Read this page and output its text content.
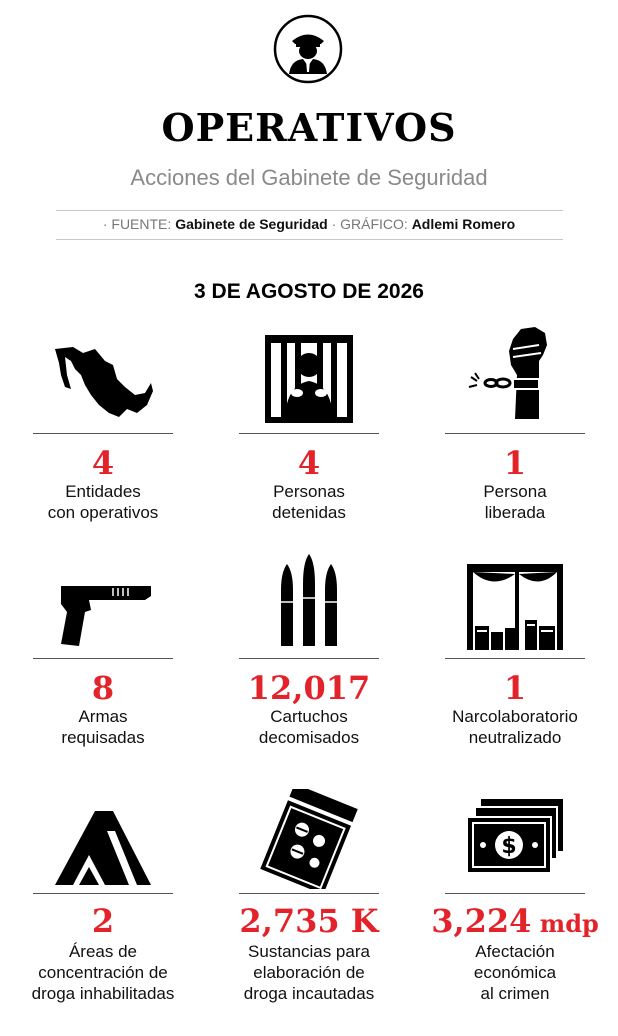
OPERATIVOS
Acciones del Gabinete de Seguridad
· FUENTE: Gabinete de Seguridad · GRÁFICO: Adlemi Romero
3 DE AGOSTO DE 2026
4
Entidades
con operativos
4
Personas
detenidas
1
Persona
liberada
8
Armas
requisadas
12,017
Cartuchos
decomisados
1
Narcolaboratorio
neutralizado
2
Áreas de
concentración de
droga inhabilitadas
2,735 K
Sustancias para
elaboración de
droga incautadas
$
3,224 mdp
Afectación
económica
al crimen
